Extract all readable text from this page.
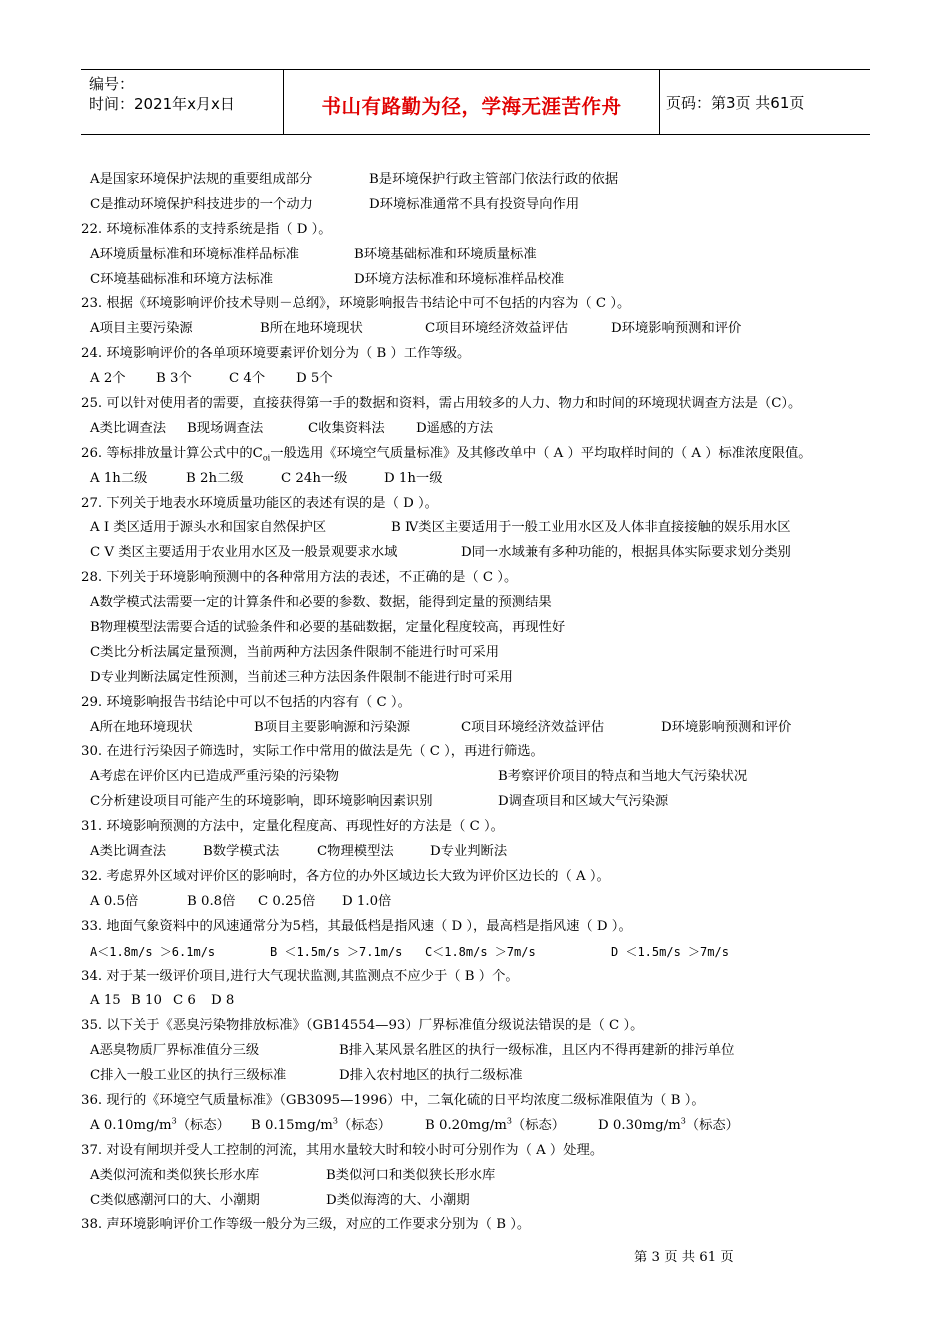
编号：
时间：2021年x月x日	书山有路勤为径，学海无涯苦作舟	页码：第3页 共61页
A是国家环境保护法规的重要组成部分	B是环境保护行政主管部门依法行政的依据
C是推动环境保护科技进步的一个动力	D环境标准通常不具有投资导向作用
22. 环境标准体系的支持系统是指（ D ）。
A环境质量标准和环境标准样品标准	B环境基础标准和环境质量标准
C环境基础标准和环境方法标准	D环境方法标准和环境标准样品校准
23. 根据《环境影响评价技术导则－总纲》，环境影响报告书结论中可不包括的内容为（ C ）。
A项目主要污染源	B所在地环境现状	C项目环境经济效益评估	D环境影响预测和评价
24. 环境影响评价的各单项环境要素评价划分为（ B ）工作等级。
A 2个 B 3个	C 4个 D 5个
25. 可以针对使用者的需要，直接获得第一手的数据和资料，需占用较多的人力、物力和时间的环境现状调查方法是（C）。
A类比调查法 B现场调查法	C收集资料法 D遥感的方法
26. 等标排放量计算公式中的$C_{oi}$一般选用《环境空气质量标准》及其修改单中（ A ）平均取样时间的（ A ）标准浓度限值。
A 1h二级	B 2h二级	C 24h一级	D 1h一级
27. 下列关于地表水环境质量功能区的表述有误的是（ D ）。
A Ⅰ 类区适用于源头水和国家自然保护区	B Ⅳ类区主要适用于一般工业用水区及人体非直接接触的娱乐用水区
C Ⅴ 类区主要适用于农业用水区及一般景观要求水域	D同一水域兼有多种功能的，根据具体实际要求划分类别
28. 下列关于环境影响预测中的各种常用方法的表述，不正确的是（ C ）。
A数学模式法需要一定的计算条件和必要的参数、数据，能得到定量的预测结果
B物理模型法需要合适的试验条件和必要的基础数据，定量化程度较高，再现性好
C类比分析法属定量预测，当前两种方法因条件限制不能进行时可采用
D专业判断法属定性预测，当前述三种方法因条件限制不能进行时可采用
29. 环境影响报告书结论中可以不包括的内容有（ C ）。
A所在地环境现状	B项目主要影响源和污染源	C项目环境经济效益评估	D环境影响预测和评价
30. 在进行污染因子筛选时，实际工作中常用的做法是先（ C ），再进行筛选。
A考虑在评价区内已造成严重污染的污染物	B考察评价项目的特点和当地大气污染状况
C分析建设项目可能产生的环境影响，即环境影响因素识别	D调查项目和区域大气污染源
31. 环境影响预测的方法中，定量化程度高、再现性好的方法是（ C ）。
A类比调查法	B数学模式法	C物理模型法	D专业判断法
32. 考虑界外区域对评价区的影响时，各方位的办外区域边长大致为评价区边长的（ A ）。
A 0.5倍	B 0.8倍 C 0.25倍 D 1.0倍
33. 地面气象资料中的风速通常分为5档，其最低档是指风速（ D ），最高档是指风速（ D ）。
A＜1.8m/s ＞6.1m/s	B ＜1.5m/s ＞7.1m/s C＜1.8m/s ＞7m/s	D ＜1.5m/s ＞7m/s
34. 对于某一级评价项目,进行大气现状监测,其监测点不应少于（ B ）个。
A 15 B 10 C 6 D 8
35. 以下关于《恶臭污染物排放标准》（GB14554—93）厂界标准值分级说法错误的是（ C ）。
A恶臭物质厂界标准值分三级	B排入某风景名胜区的执行一级标准，且区内不得再建新的排污单位
C排入一般工业区的执行三级标准	D排入农村地区的执行二级标准
36. 现行的《环境空气质量标准》（GB3095—1996）中，二氧化硫的日平均浓度二级标准限值为（ B ）。
A $0.10mg/m^3$（标态） B $0.15mg/m^3$（标态）	B $0.20mg/m^3$（标态） D $0.30mg/m^3$（标态）
37. 对设有闸坝并受人工控制的河流，其用水量较大时和较小时可分别作为（ A ）处理。
A类似河流和类似狭长形水库	B类似河口和类似狭长形水库
C类似感潮河口的大、小潮期	D类似海湾的大、小潮期
38. 声环境影响评价工作等级一般分为三级，对应的工作要求分别为（ B ）。
第 3 页 共 61 页
